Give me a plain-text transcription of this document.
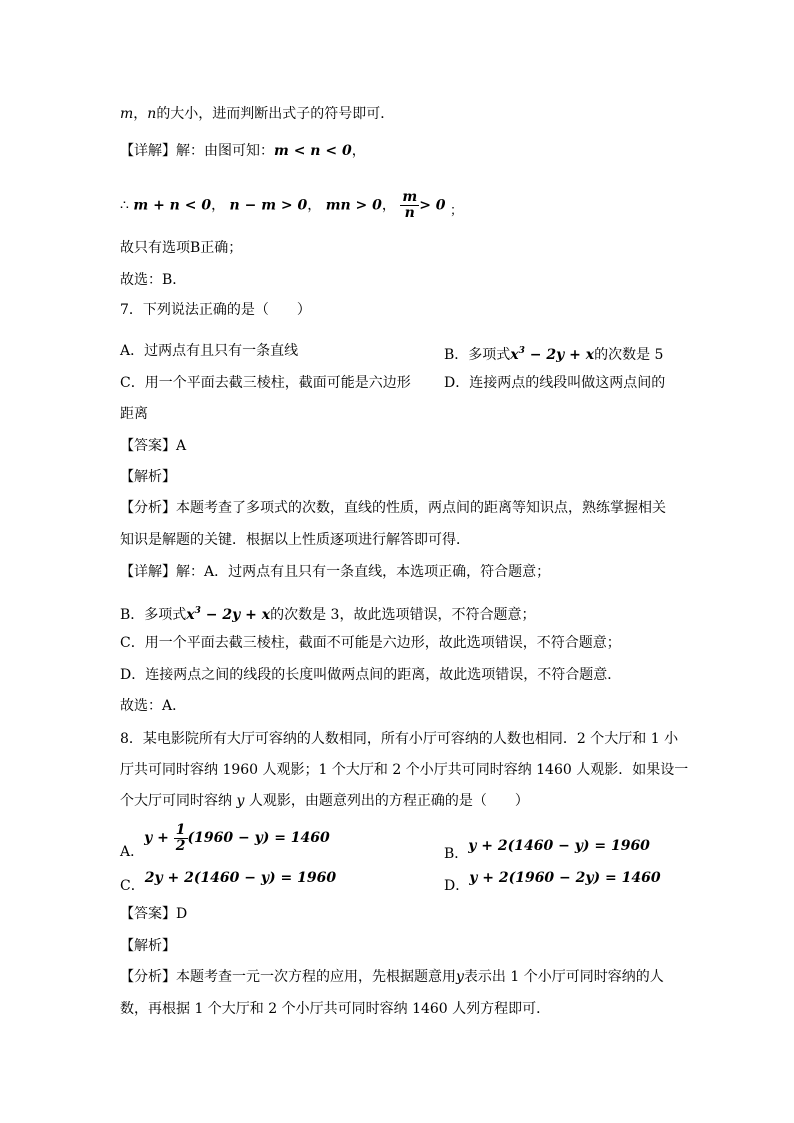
m，n的大小，进而判断出式子的符号即可．
【详解】解：由图可知：m < n < 0，
∴ m + n < 0， n − m > 0， mn > 0， $\frac{m}{n} > 0$ ；
故只有选项B正确；
故选：B．
7．下列说法正确的是（　　）
A．过两点有且只有一条直线	B．多项式$x^3 - 2y + x$的次数是 5
C．用一个平面去截三棱柱，截面可能是六边形 D．连接两点的线段叫做这两点间的
距离
【答案】A
【解析】
【分析】本题考查了多项式的次数，直线的性质，两点间的距离等知识点，熟练掌握相关
知识是解题的关键．根据以上性质逐项进行解答即可得．
【详解】解：A．过两点有且只有一条直线，本选项正确，符合题意；
B．多项式$x^3 - 2y + x$的次数是 3，故此选项错误，不符合题意；
C．用一个平面去截三棱柱，截面不可能是六边形，故此选项错误，不符合题意；
D．连接两点之间的线段的长度叫做两点间的距离，故此选项错误，不符合题意．
故选：A．
8．某电影院所有大厅可容纳的人数相同，所有小厅可容纳的人数也相同．2 个大厅和 1 小
厅共可同时容纳 1960 人观影；1 个大厅和 2 个小厅共可同时容纳 1460 人观影．如果设一
个大厅可同时容纳 y 人观影，由题意列出的方程正确的是（　　）
A．$y + \frac{1}{2} (1960 - y) = 1460$
B．y + 2(1460 − y) = 1960
C．2y + 2(1460 − y) = 1960	D．y + 2(1960 − 2y) = 1460
【答案】D
【解析】
【分析】本题考查一元一次方程的应用，先根据题意用y表示出 1 个小厅可同时容纳的人
数，再根据 1 个大厅和 2 个小厅共可同时容纳 1460 人列方程即可．
